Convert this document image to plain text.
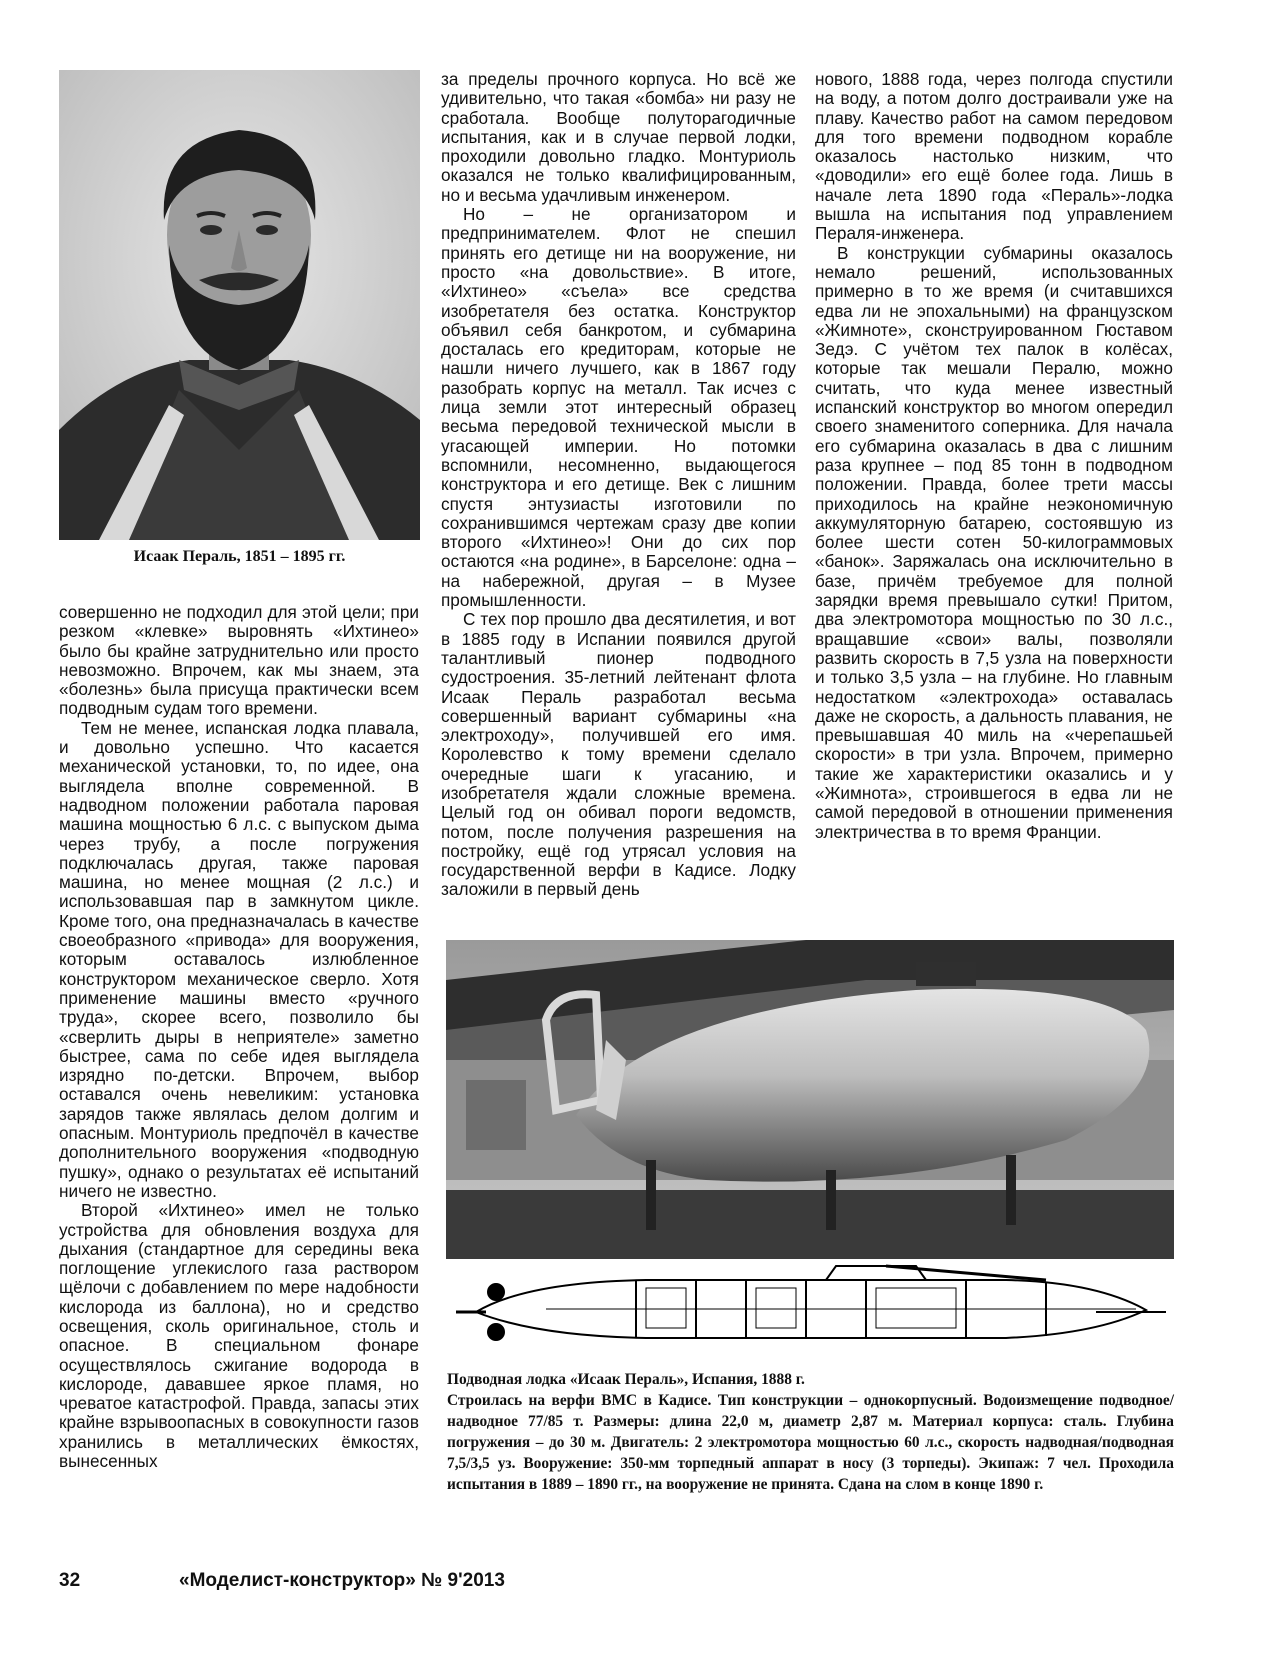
Исаак Пераль, 1851 – 1895 гг.

совершенно не подходил для этой цели; при резком «клевке» выровнять «Ихтинео» было бы крайне затруднительно или просто невозможно. Впрочем, как мы знаем, эта «болезнь» была присуща практически всем подводным судам того времени.

Тем не менее, испанская лодка плавала, и довольно успешно. Что касается механической установки, то, по идее, она выглядела вполне современной. В надводном положении работала паровая машина мощностью 6 л.с. с выпуском дыма через трубу, а после погружения подключалась другая, также паровая машина, но менее мощная (2 л.с.) и использовавшая пар в замкнутом цикле. Кроме того, она предназначалась в качестве своеобразного «привода» для вооружения, которым оставалось излюбленное конструктором механическое сверло. Хотя применение машины вместо «ручного труда», скорее всего, позволило бы «сверлить дыры в неприятеле» заметно быстрее, сама по себе идея выглядела изрядно по-детски. Впрочем, выбор оставался очень невеликим: установка зарядов также являлась делом долгим и опасным. Монтуриоль предпочёл в качестве дополнительного вооружения «подводную пушку», однако о результатах её испытаний ничего не известно.

Второй «Ихтинео» имел не только устройства для обновления воздуха для дыхания (стандартное для середины века поглощение углекислого газа раствором щёлочи с добавлением по мере надобности кислорода из баллона), но и средство освещения, сколь оригинальное, столь и опасное. В специальном фонаре осуществлялось сжигание водорода в кислороде, дававшее яркое пламя, но чреватое катастрофой. Правда, запасы этих крайне взрывоопасных в совокупности газов хранились в металлических ёмкостях, вынесенных

за пределы прочного корпуса. Но всё же удивительно, что такая «бомба» ни разу не сработала. Вообще полуторагодичные испытания, как и в случае первой лодки, проходили довольно гладко. Монтуриоль оказался не только квалифицированным, но и весьма удачливым инженером.

Но – не организатором и предпринимателем. Флот не спешил принять его детище ни на вооружение, ни просто «на довольствие». В итоге, «Ихтинео» «съела» все средства изобретателя без остатка. Конструктор объявил себя банкротом, и субмарина досталась его кредиторам, которые не нашли ничего лучшего, как в 1867 году разобрать корпус на металл. Так исчез с лица земли этот интересный образец весьма передовой технической мысли в угасающей империи. Но потомки вспомнили, несомненно, выдающегося конструктора и его детище. Век с лишним спустя энтузиасты изготовили по сохранившимся чертежам сразу две копии второго «Ихтинео»! Они до сих пор остаются «на родине», в Барселоне: одна – на набережной, другая – в Музее промышленности.

С тех пор прошло два десятилетия, и вот в 1885 году в Испании появился другой талантливый пионер подводного судостроения. 35-летний лейтенант флота Исаак Пераль разработал весьма совершенный вариант субмарины «на электроходу», получившей его имя. Королевство к тому времени сделало очередные шаги к угасанию, и изобретателя ждали сложные времена. Целый год он обивал пороги ведомств, потом, после получения разрешения на постройку, ещё год утрясал условия на государственной верфи в Кадисе. Лодку заложили в первый день

нового, 1888 года, через полгода спустили на воду, а потом долго достраивали уже на плаву. Качество работ на самом передовом для того времени подводном корабле оказалось настолько низким, что «доводили» его ещё более года. Лишь в начале лета 1890 года «Пераль»-лодка вышла на испытания под управлением Пераля-инженера.

В конструкции субмарины оказалось немало решений, использованных примерно в то же время (и считавшихся едва ли не эпохальными) на французском «Жимноте», сконструированном Гюставом Зедэ. С учётом тех палок в колёсах, которые так мешали Пералю, можно считать, что куда менее известный испанский конструктор во многом опередил своего знаменитого соперника. Для начала его субмарина оказалась в два с лишним раза крупнее – под 85 тонн в подводном положении. Правда, более трети массы приходилось на крайне неэкономичную аккумуляторную батарею, состоявшую из более шести сотен 50-килограммовых «банок». Заряжалась она исключительно в базе, причём требуемое для полной зарядки время превышало сутки! Притом, два электромотора мощностью по 30 л.с., вращавшие «свои» валы, позволяли развить скорость в 7,5 узла на поверхности и только 3,5 узла – на глубине. Но главным недостатком «электрохода» оставалась даже не скорость, а дальность плавания, не превышавшая 40 миль на «черепашьей скорости» в три узла. Впрочем, примерно такие же характеристики оказались и у «Жимнота», строившегося в едва ли не самой передовой в отношении применения электричества в то время Франции.

Подводная лодка «Исаак Пераль», Испания, 1888 г.

Строилась на верфи ВМС в Кадисе. Тип конструкции – однокорпусный. Водоизмещение подводное/надводное 77/85 т. Размеры: длина 22,0 м, диаметр 2,87 м. Материал корпуса: сталь. Глубина погружения – до 30 м. Двигатель: 2 электромотора мощностью 60 л.с., скорость надводная/подводная 7,5/3,5 уз. Вооружение: 350-мм торпедный аппарат в носу (3 торпеды). Экипаж: 7 чел. Проходила испытания в 1889 – 1890 гг., на вооружение не принята. Сдана на слом в конце 1890 г.

32	«Моделист-конструктор» № 9'2013
